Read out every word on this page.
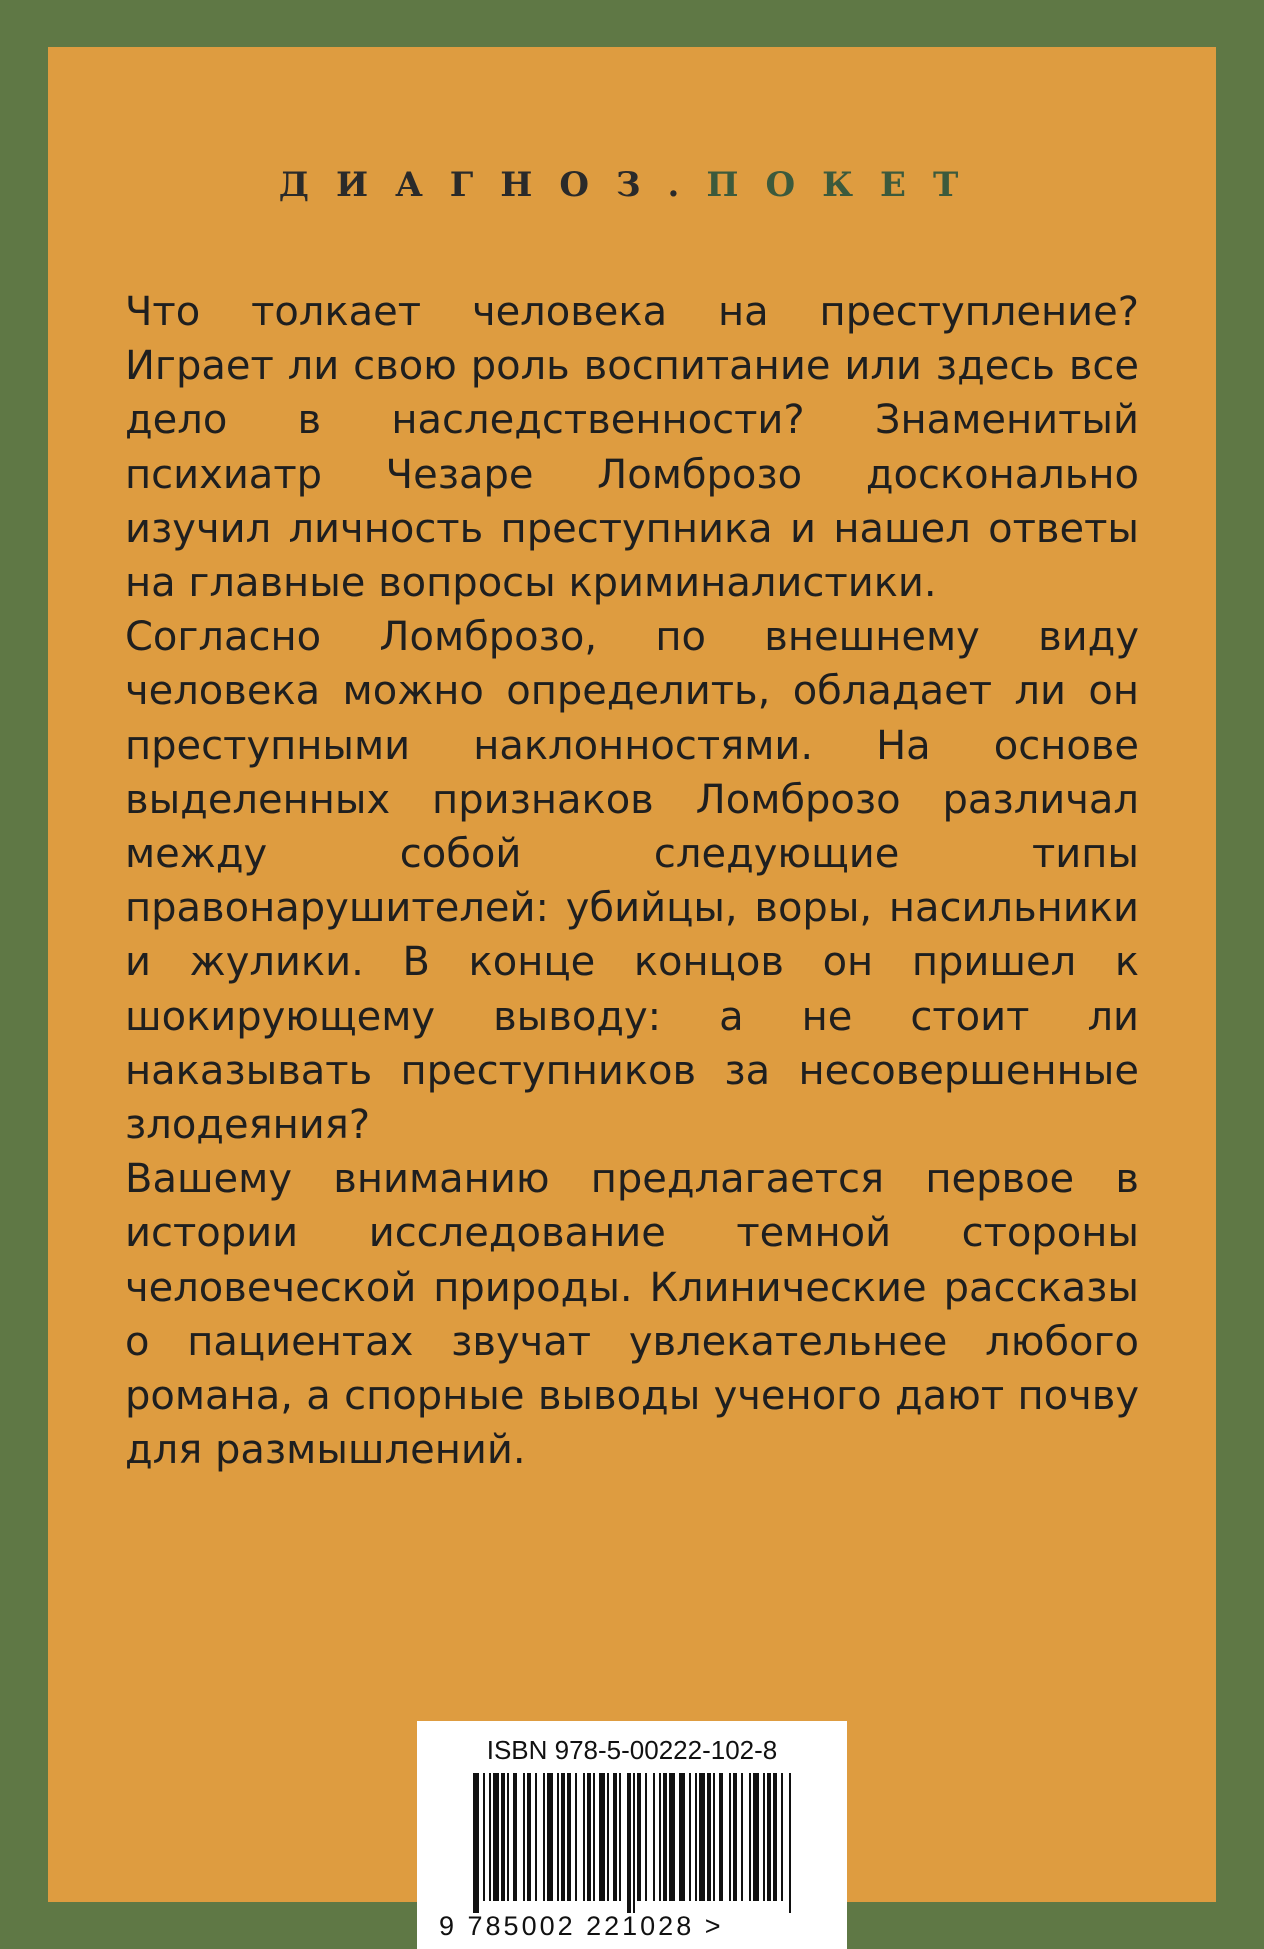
ДИАГНОЗ.ПОКЕТ

Что толкает человека на преступление? Играет ли свою роль воспитание или здесь все дело в наследственности? Знаменитый психиатр Чезаре Ломброзо досконально изучил личность преступника и нашел ответы на главные вопросы криминалистики.

Согласно Ломброзо, по внешнему виду человека можно определить, обладает ли он преступными наклонностями. На основе выделенных признаков Ломброзо различал между собой следующие типы правонарушителей: убийцы, воры, насильники и жулики. В конце концов он пришел к шокирующему выводу: а не стоит ли наказывать преступников за несовершенные злодеяния?

Вашему вниманию предлагается первое в истории исследование темной стороны человеческой природы. Клинические рассказы о пациентах звучат увлекательнее любого романа, а спорные выводы ученого дают почву для размышлений.

ISBN 978-5-00222-102-8
9 785002 221028 >
